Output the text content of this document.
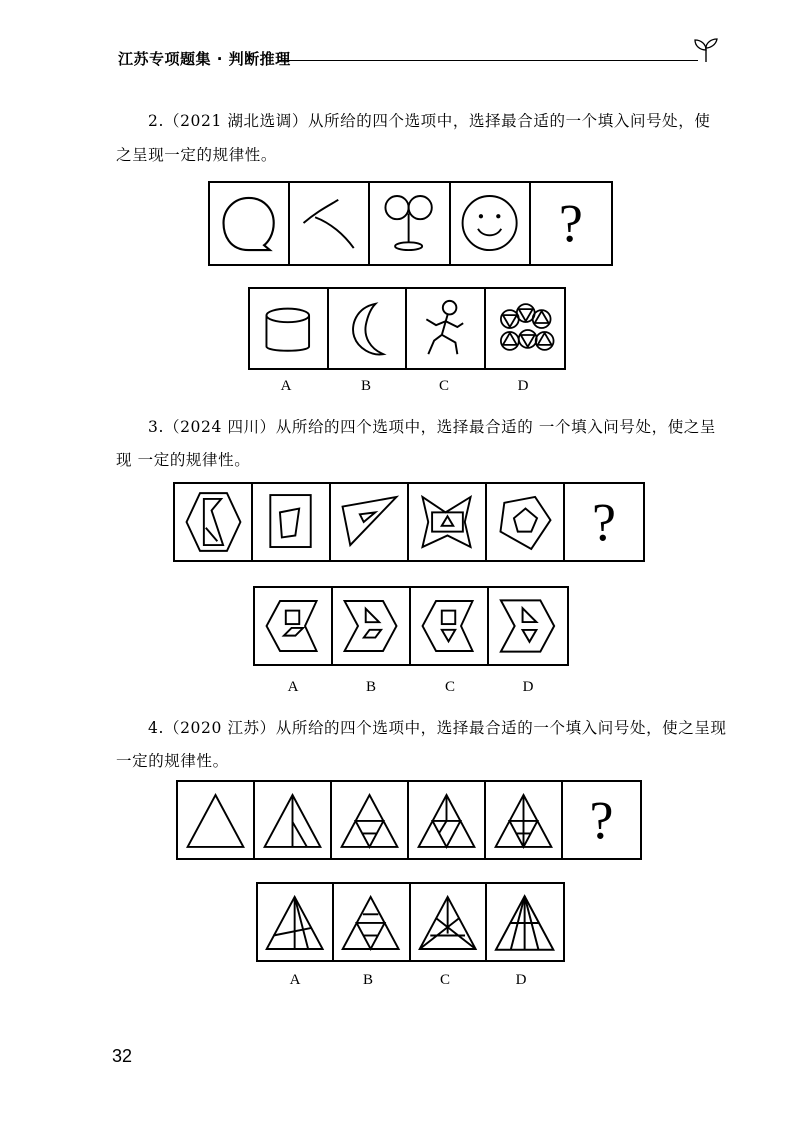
江苏专项题集 · 判断推理
2.（2021 湖北选调）从所给的四个选项中，选择最合适的一个填入问号处，使
之呈现一定的规律性。
?
A	B	C	D
3.（2024 四川）从所给的四个选项中，选择最合适的 一个填入问号处，使之呈
现 一定的规律性。
?
A	B	C	D
4.（2020 江苏）从所给的四个选项中，选择最合适的一个填入问号处，使之呈现
一定的规律性。
?
A	B	C	D
32
